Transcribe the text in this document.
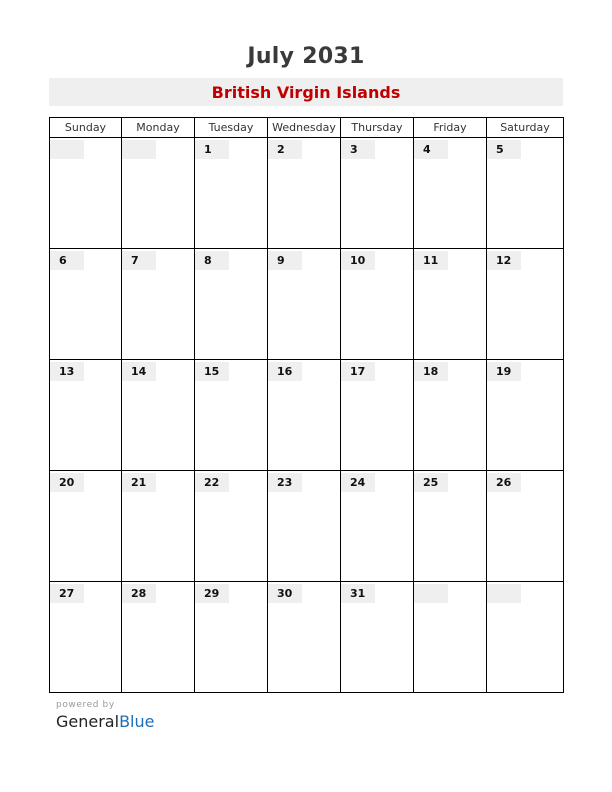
July 2031
British Virgin Islands
Sunday	Monday	Tuesday	Wednesday	Thursday	Friday	Saturday

		1	2	3	4	5

6	7	8	9	10	11	12

13	14	15	16	17	18	19

20	21	22	23	24	25	26

27	28	29	30	31		

powered by
GeneralBlue
